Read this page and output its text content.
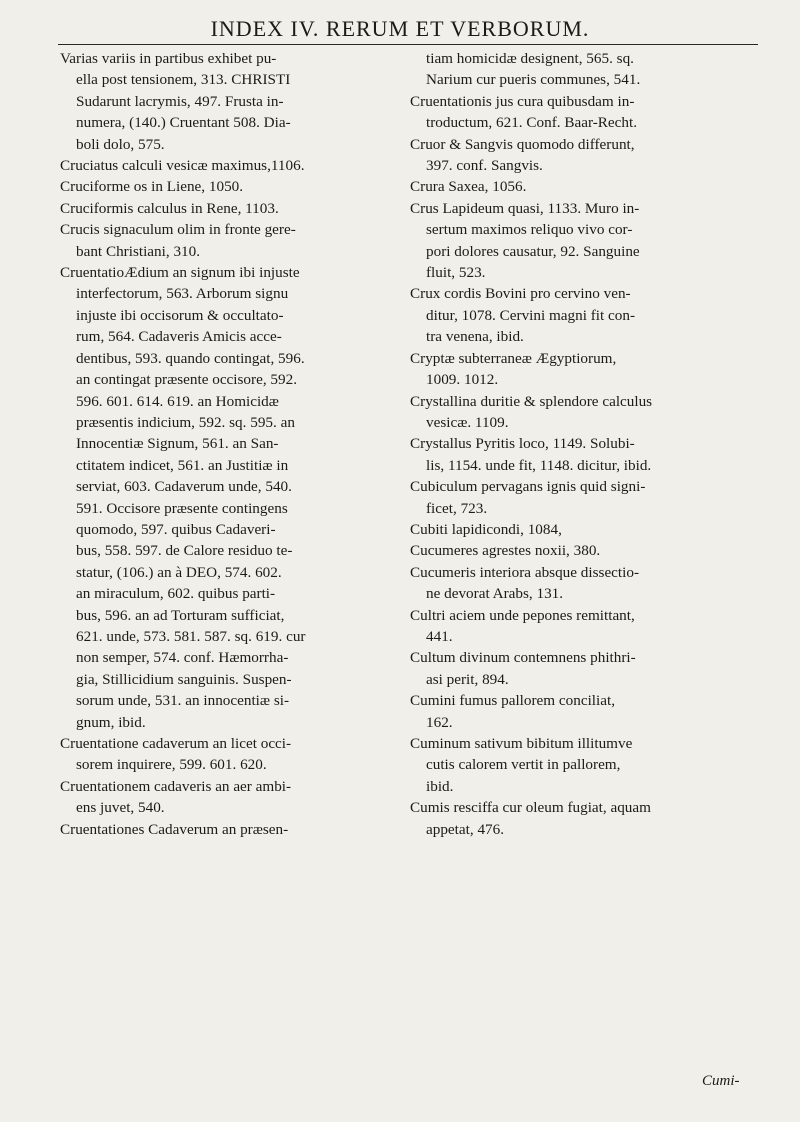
INDEX IV. RERUM ET VERBORUM.
Varias variis in partibus exhibet pu-
ella post tensionem, 313. CHRISTI
Sudarunt lacrymis, 497. Frusta in-
numera, (140.) Cruentant 508. Dia-
boli dolo, 575.
Cruciatus calculi vesicæ maximus,1106.
Cruciforme os in Liene, 1050.
Cruciformis calculus in Rene, 1103.
Crucis signaculum olim in fronte gere-
bant Christiani, 310.
CruentatioÆdium an signum ibi injuste
interfectorum, 563. Arborum signu
injuste ibi occisorum & occultato-
rum, 564. Cadaveris Amicis acce-
dentibus, 593. quando contingat, 596.
an contingat præsente occisore, 592.
596. 601. 614. 619. an Homicidæ
præsentis indicium, 592. sq. 595. an
Innocentiæ Signum, 561. an San-
ctitatem indicet, 561. an Justitiæ in
serviat, 603. Cadaverum unde, 540.
591. Occisore præsente contingens
quomodo, 597. quibus Cadaveri-
bus, 558. 597. de Calore residuo te-
statur, (106.) an à DEO, 574. 602.
an miraculum, 602. quibus parti-
bus, 596. an ad Torturam sufficiat,
621. unde, 573. 581. 587. sq. 619. cur
non semper, 574. conf. Hæmorrha-
gia, Stillicidium sanguinis. Suspen-
sorum unde, 531. an innocentiæ si-
gnum, ibid.
Cruentatione cadaverum an licet occi-
sorem inquirere, 599. 601. 620.
Cruentationem cadaveris an aer ambi-
ens juvet, 540.
Cruentationes Cadaverum an præsen-
tiam homicidæ designent, 565. sq.
Narium cur pueris communes, 541.
Cruentationis jus cura quibusdam in-
troductum, 621. Conf. Baar-Recht.
Cruor & Sangvis quomodo differunt,
397. conf. Sangvis.
Crura Saxea, 1056.
Crus Lapideum quasi, 1133. Muro in-
sertum maximos reliquo vivo cor-
pori dolores causatur, 92. Sanguine
fluit, 523.
Crux cordis Bovini pro cervino ven-
ditur, 1078. Cervini magni fit con-
tra venena, ibid.
Cryptæ subterraneæ Ægyptiorum,
1009. 1012.
Crystallina duritie & splendore calculus
vesicæ. 1109.
Crystallus Pyritis loco, 1149. Solubi-
lis, 1154. unde fit, 1148. dicitur, ibid.
Cubiculum pervagans ignis quid signi-
ficet, 723.
Cubiti lapidicondi, 1084,
Cucumeres agrestes noxii, 380.
Cucumeris interiora absque dissectio-
ne devorat Arabs, 131.
Cultri aciem unde pepones remittant,
441.
Cultum divinum contemnens phithri-
asi perit, 894.
Cumini fumus pallorem conciliat,
162.
Cuminum sativum bibitum illitumve
cutis calorem vertit in pallorem,
ibid.
Cumis resciffa cur oleum fugiat, aquam
appetat, 476.
Cumi-
